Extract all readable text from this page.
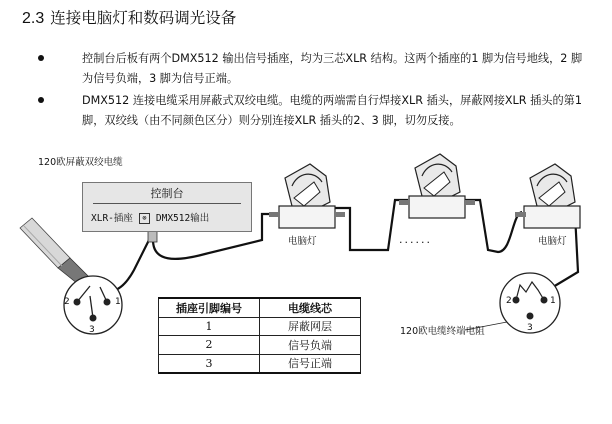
2.3 连接电脑灯和数码调光设备
控制台后板有两个DMX512 输出信号插座，均为三芯XLR 结构。这两个插座的1 脚为信号地线，2 脚为信号负端，3 脚为信号正端。
DMX512 连接电缆采用屏蔽式双绞电缆。电缆的两端需自行焊接XLR 插头，屏蔽网接XLR 插头的第1 脚，双绞线（由不同颜色区分）则分别连接XLR 插头的2、3 脚，切勿反接。
120欧屏蔽双绞电缆
控制台
XLR-插座 ⊗ DMX512输出
电脑灯	......	电脑灯
2	1
3
2	1
3
120欧电缆终端电阻
插座引脚编号	电缆线芯
1	屏蔽网层
2	信号负端
3	信号正端
